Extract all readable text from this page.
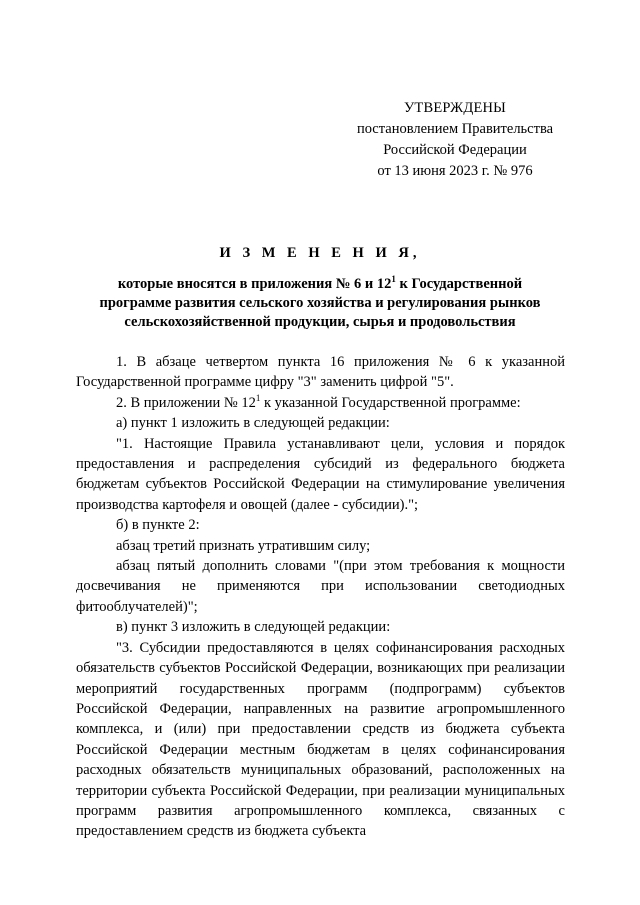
УТВЕРЖДЕНЫ
постановлением Правительства
Российской Федерации
от 13 июня 2023 г. № 976
И З М Е Н Е Н И Я,
которые вносятся в приложения № 6 и $12^1$ к Государственной
программе развития сельского хозяйства и регулирования рынков
сельскохозяйственной продукции, сырья и продовольствия

1. В абзаце четвертом пункта 16 приложения № 6 к указанной Государственной программе цифру "3" заменить цифрой "5".

2. В приложении № $12^1$ к указанной Государственной программе:

а) пункт 1 изложить в следующей редакции:

"1. Настоящие Правила устанавливают цели, условия и порядок предоставления и распределения субсидий из федерального бюджета бюджетам субъектов Российской Федерации на стимулирование увеличения производства картофеля и овощей (далее - субсидии).";

б) в пункте 2:

абзац третий признать утратившим силу;

абзац пятый дополнить словами "(при этом требования к мощности досвечивания не применяются при использовании светодиодных фитооблучателей)";

в) пункт 3 изложить в следующей редакции:

"3. Субсидии предоставляются в целях софинансирования расходных обязательств субъектов Российской Федерации, возникающих при реализации мероприятий государственных программ (подпрограмм) субъектов Российской Федерации, направленных на развитие агропромышленного комплекса, и (или) при предоставлении средств из бюджета субъекта Российской Федерации местным бюджетам в целях софинансирования расходных обязательств муниципальных образований, расположенных на территории субъекта Российской Федерации, при реализации муниципальных программ развития агропромышленного комплекса, связанных с предоставлением средств из бюджета субъекта
